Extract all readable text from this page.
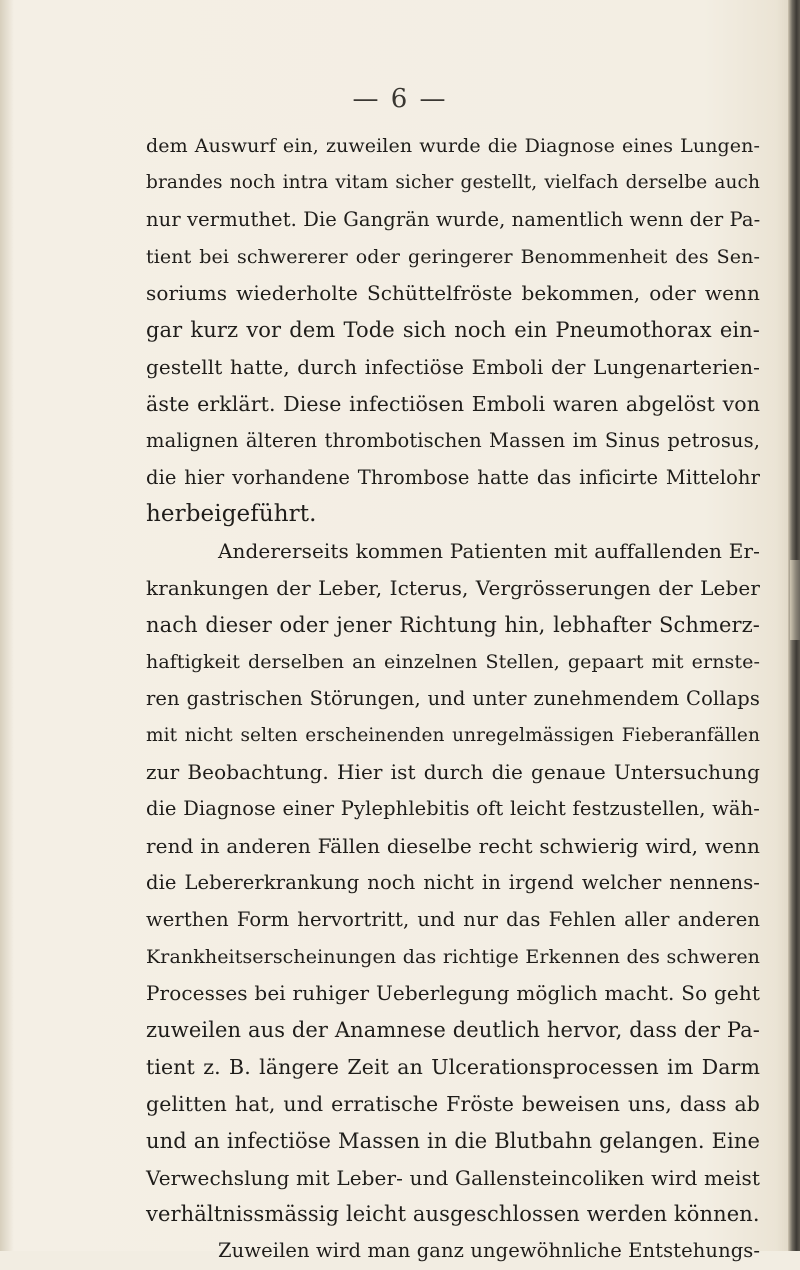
— 6 —
dem Auswurf ein, zuweilen wurde die Diagnose eines Lungen-
brandes noch intra vitam sicher gestellt, vielfach derselbe auch
nur vermuthet. Die Gangrän wurde, namentlich wenn der Pa-
tient bei schwererer oder geringerer Benommenheit des Sen-
soriums wiederholte Schüttelfröste bekommen, oder wenn
gar kurz vor dem Tode sich noch ein Pneumothorax ein-
gestellt hatte, durch infectiöse Emboli der Lungenarterien-
äste erklärt. Diese infectiösen Emboli waren abgelöst von
malignen älteren thrombotischen Massen im Sinus petrosus,
die hier vorhandene Thrombose hatte das inficirte Mittelohr
herbeigeführt.
Andererseits kommen Patienten mit auffallenden Er-
krankungen der Leber, Icterus, Vergrösserungen der Leber
nach dieser oder jener Richtung hin, lebhafter Schmerz-
haftigkeit derselben an einzelnen Stellen, gepaart mit ernste-
ren gastrischen Störungen, und unter zunehmendem Collaps
mit nicht selten erscheinenden unregelmässigen Fieberanfällen
zur Beobachtung. Hier ist durch die genaue Untersuchung
die Diagnose einer Pylephlebitis oft leicht festzustellen, wäh-
rend in anderen Fällen dieselbe recht schwierig wird, wenn
die Lebererkrankung noch nicht in irgend welcher nennens-
werthen Form hervortritt, und nur das Fehlen aller anderen
Krankheitserscheinungen das richtige Erkennen des schweren
Processes bei ruhiger Ueberlegung möglich macht. So geht
zuweilen aus der Anamnese deutlich hervor, dass der Pa-
tient z. B. längere Zeit an Ulcerationsprocessen im Darm
gelitten hat, und erratische Fröste beweisen uns, dass ab
und an infectiöse Massen in die Blutbahn gelangen. Eine
Verwechslung mit Leber- und Gallensteincoliken wird meist
verhältnissmässig leicht ausgeschlossen werden können.
Zuweilen wird man ganz ungewöhnliche Entstehungs-
